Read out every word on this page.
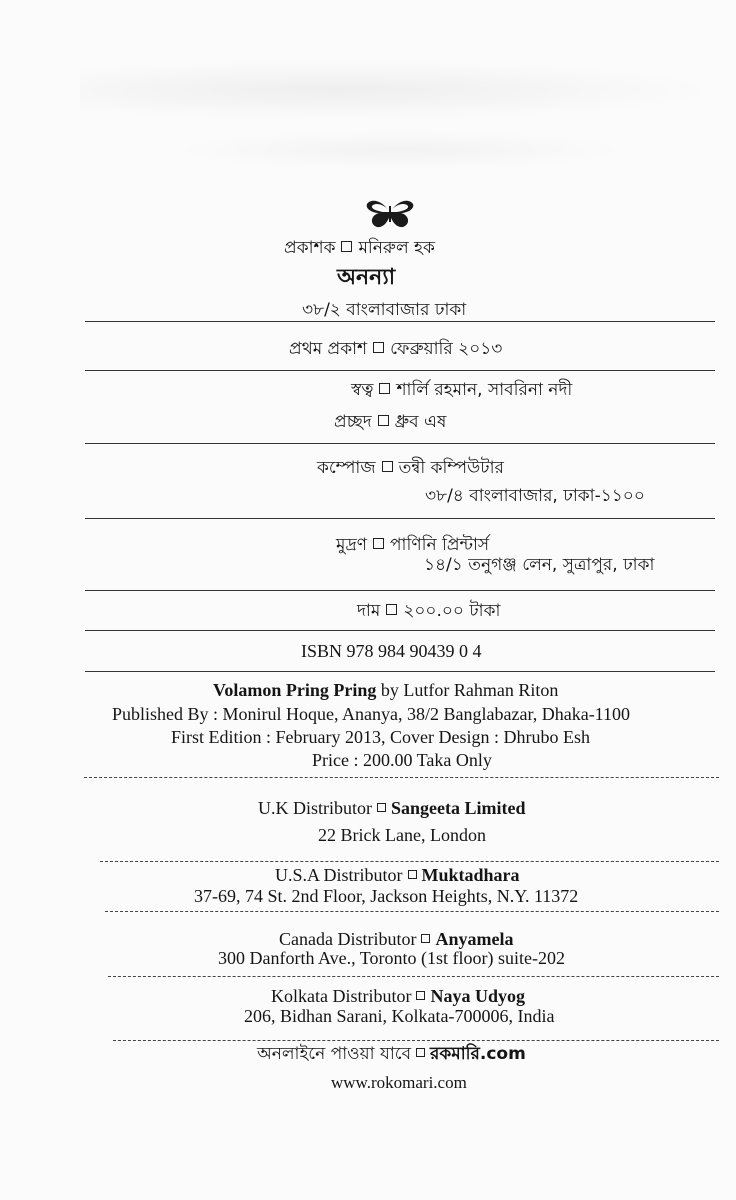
প্রকাশক মনিরুল হক
অনন্যা
৩৮/২ বাংলাবাজার ঢাকা
প্রথম প্রকাশ ফেব্রুয়ারি ২০১৩
স্বত্ব শার্লি রহমান, সাবরিনা নদী
প্রচ্ছদ ধ্রুব এষ
কম্পোজ তন্বী কম্পিউটার
৩৮/৪ বাংলাবাজার, ঢাকা-১১০০
মুদ্রণ পাণিনি প্রিন্টার্স
১৪/১ তনুগঞ্জ লেন, সুত্রাপুর, ঢাকা
দাম ২০০.০০ টাকা
ISBN 978 984 90439 0 4
Volamon Pring Pring by Lutfor Rahman Riton
Published By : Monirul Hoque, Ananya, 38/2 Banglabazar, Dhaka-1100
First Edition : February 2013, Cover Design : Dhrubo Esh
Price : 200.00 Taka Only
U.K Distributor Sangeeta Limited
22 Brick Lane, London
U.S.A Distributor Muktadhara
37-69, 74 St. 2nd Floor, Jackson Heights, N.Y. 11372
Canada Distributor Anyamela
300 Danforth Ave., Toronto (1st floor) suite-202
Kolkata Distributor Naya Udyog
206, Bidhan Sarani, Kolkata-700006, India
অনলাইনে পাওয়া যাবে রকমারি.com
www.rokomari.com
